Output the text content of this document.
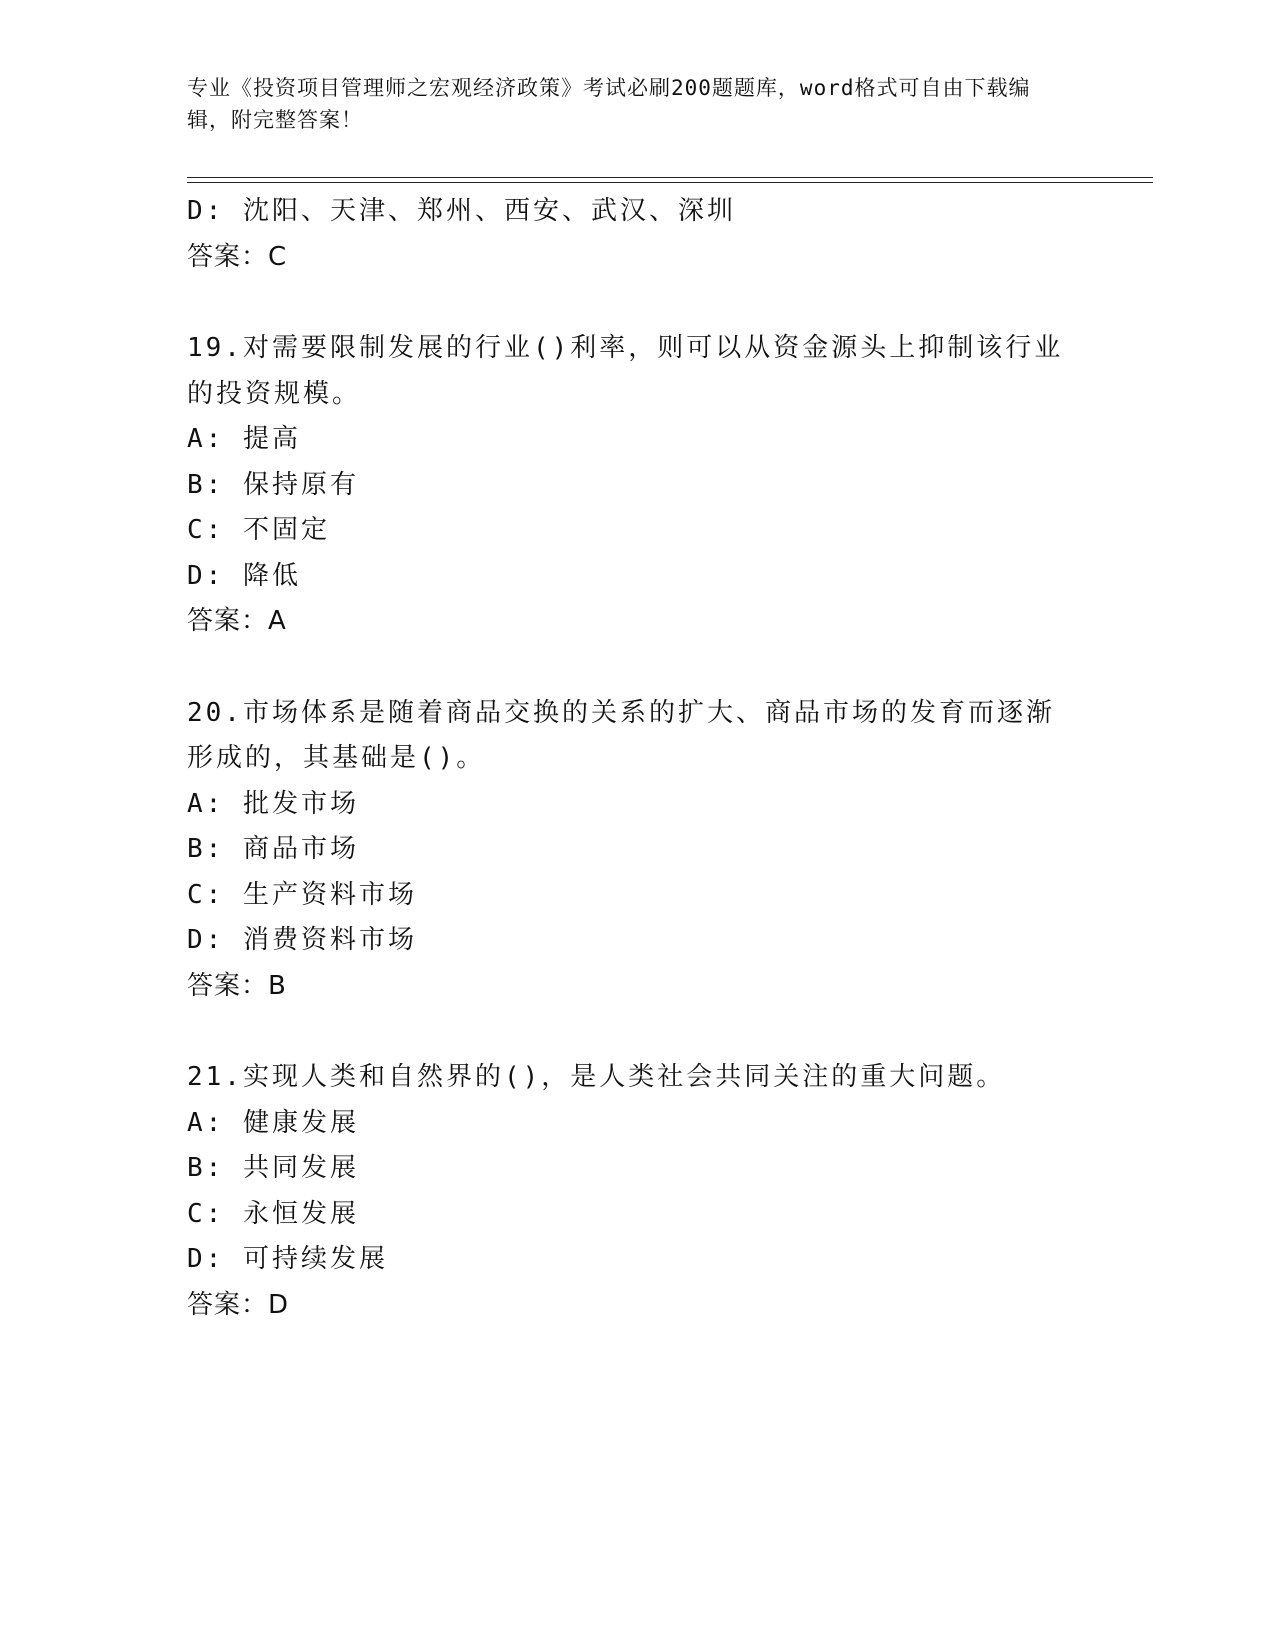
专业《投资项目管理师之宏观经济政策》考试必刷200题题库，word格式可自由下载编辑，附完整答案！
D: 沈阳、天津、郑州、西安、武汉、深圳
答案：C
19.对需要限制发展的行业()利率，则可以从资金源头上抑制该行业的投资规模。
A: 提高
B: 保持原有
C: 不固定
D: 降低
答案：A
20.市场体系是随着商品交换的关系的扩大、商品市场的发育而逐渐形成的，其基础是()。
A: 批发市场
B: 商品市场
C: 生产资料市场
D: 消费资料市场
答案：B
21.实现人类和自然界的()，是人类社会共同关注的重大问题。
A: 健康发展
B: 共同发展
C: 永恒发展
D: 可持续发展
答案：D
